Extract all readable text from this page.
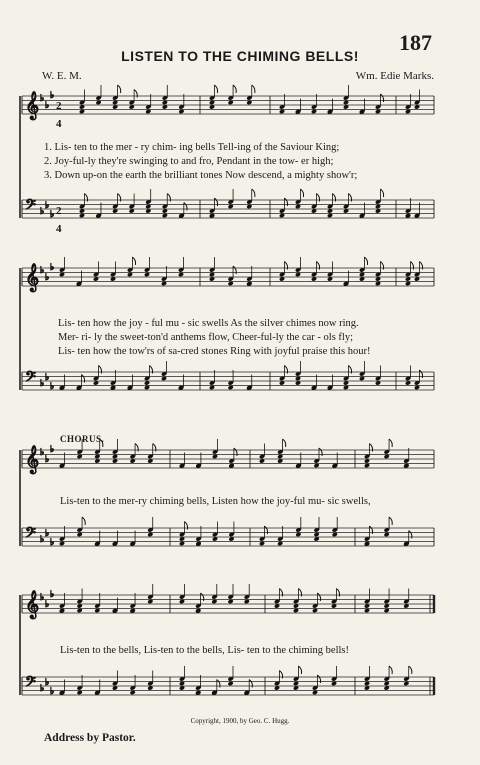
187
LISTEN TO THE CHIMING BELLS!
W. E. M.	Wm. Edie Marks.
𝄞 ♭
♭
♭
𝄢 ♭
♭
♭
𝄞 ♭
♭
♭
𝄢 ♭
♭
♭
𝄞 ♭
♭
♭
𝄢 ♭
♭
♭
𝄞 ♭
♭
♭
𝄢 ♭
♭
♭
2
4
2
4
1. Lis- ten to the mer - ry chim- ing bells Tell-ing of the Saviour King;
2. Joy-ful-ly they're swinging to and fro, Pendant in the tow- er high;
3. Down up-on the earth the brilliant tones Now descend, a mighty show'r;
Lis- ten how the joy - ful mu - sic swells As the silver chimes now ring.
Mer- ri- ly the sweet-ton'd anthems flow, Cheer-ful-ly the car - ols fly;
Lis- ten how the tow'rs of sa-cred stones Ring with joyful praise this hour!
CHORUS.
Lis-ten to the mer-ry chiming bells, Listen how the joy-ful mu- sic swells,
Lis-ten to the bells, Lis-ten to the bells, Lis- ten to the chiming bells!
Copyright, 1900, by Geo. C. Hugg.
Address by Pastor.
